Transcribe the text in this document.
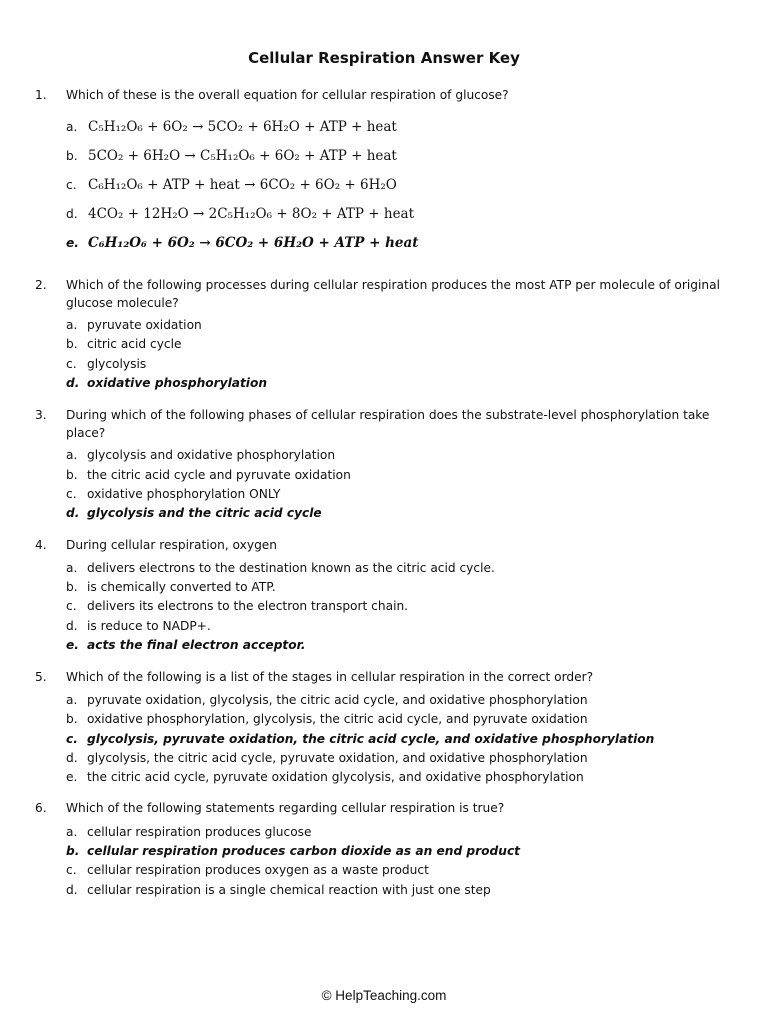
Cellular Respiration Answer Key
1. Which of these is the overall equation for cellular respiration of glucose?
a. C₅H₁₂O₆ + 6O₂ → 5CO₂ + 6H₂O + ATP + heat
b. 5CO₂ + 6H₂O → C₅H₁₂O₆ + 6O₂ + ATP + heat
c. C₆H₁₂O₆ + ATP + heat → 6CO₂ + 6O₂ + 6H₂O
d. 4CO₂ + 12H₂O → 2C₅H₁₂O₆ + 8O₂ + ATP + heat
e. C₆H₁₂O₆ + 6O₂ → 6CO₂ + 6H₂O + ATP + heat
2. Which of the following processes during cellular respiration produces the most ATP per molecule of original glucose molecule?
a. pyruvate oxidation
b. citric acid cycle
c. glycolysis
d. oxidative phosphorylation
3. During which of the following phases of cellular respiration does the substrate-level phosphorylation take place?
a. glycolysis and oxidative phosphorylation
b. the citric acid cycle and pyruvate oxidation
c. oxidative phosphorylation ONLY
d. glycolysis and the citric acid cycle
4. During cellular respiration, oxygen
a. delivers electrons to the destination known as the citric acid cycle.
b. is chemically converted to ATP.
c. delivers its electrons to the electron transport chain.
d. is reduce to NADP+.
e. acts the final electron acceptor.
5. Which of the following is a list of the stages in cellular respiration in the correct order?
a. pyruvate oxidation, glycolysis, the citric acid cycle, and oxidative phosphorylation
b. oxidative phosphorylation, glycolysis, the citric acid cycle, and pyruvate oxidation
c. glycolysis, pyruvate oxidation, the citric acid cycle, and oxidative phosphorylation
d. glycolysis, the citric acid cycle, pyruvate oxidation, and oxidative phosphorylation
e. the citric acid cycle, pyruvate oxidation glycolysis, and oxidative phosphorylation
6. Which of the following statements regarding cellular respiration is true?
a. cellular respiration produces glucose
b. cellular respiration produces carbon dioxide as an end product
c. cellular respiration produces oxygen as a waste product
d. cellular respiration is a single chemical reaction with just one step
© HelpTeaching.com
